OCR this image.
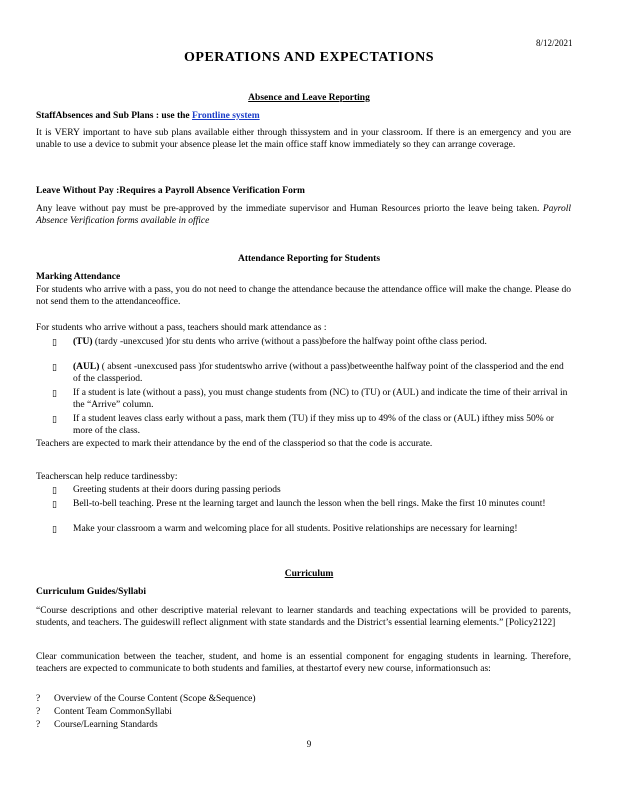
8/12/2021
OPERATIONS AND EXPECTATIONS
Absence and Leave Reporting
StaffAbsences and Sub Plans : use the Frontline system
It is VERY important to have sub plans available either through thissystem and in your classroom. If there is an emergency and you are unable to use a device to submit your absence please let the main office staff know immediately so they can arrange coverage.
Leave Without Pay :Requires a Payroll Absence Verification Form
Any leave without pay must be pre-approved by the immediate supervisor and Human Resources priorto the leave being taken. Payroll Absence Verification forms available in office
Attendance Reporting for Students
Marking Attendance
For students who arrive with a pass, you do not need to change the attendance because the attendance office will make the change. Please do not send them to the attendanceoffice.
For students who arrive without a pass, teachers should mark attendance as :
▯ (TU) (tardy -unexcused )for stu dents who arrive (without a pass)before the halfway point ofthe class period.
▯ (AUL) ( absent -unexcused pass )for studentswho arrive (without a pass)betweenthe halfway point of the classperiod and the end of the classperiod.
▯ If a student is late (without a pass), you must change students from (NC) to (TU) or (AUL) and indicate the time of their arrival in the “Arrive” column.
▯ If a student leaves class early without a pass, mark them (TU) if they miss up to 49% of the class or (AUL) ifthey miss 50% or more of the class.
Teachers are expected to mark their attendance by the end of the classperiod so that the code is accurate.
Teacherscan help reduce tardinessby:
▯ Greeting students at their doors during passing periods
▯ Bell-to-bell teaching. Prese nt the learning target and launch the lesson when the bell rings. Make the first 10 minutes count!
▯ Make your classroom a warm and welcoming place for all students. Positive relationships are necessary for learning!
Curriculum
Curriculum Guides/Syllabi
“Course descriptions and other descriptive material relevant to learner standards and teaching expectations will be provided to parents, students, and teachers. The guideswill reflect alignment with state standards and the District’s essential learning elements.” [Policy2122]
Clear communication between the teacher, student, and home is an essential component for engaging students in learning. Therefore, teachers are expected to communicate to both students and families, at thestartof every new course, informationsuch as:
? Overview of the Course Content (Scope &Sequence)
? Content Team CommonSyllabi
? Course/Learning Standards
9
